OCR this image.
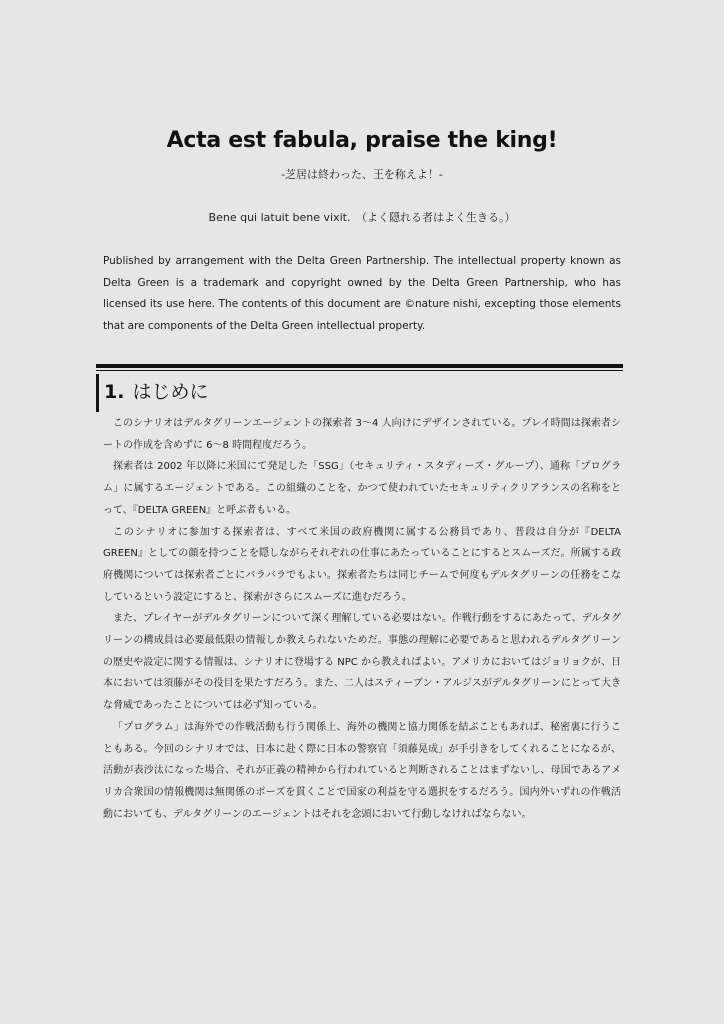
Acta est fabula, praise the king!
-芝居は終わった、王を称えよ！-
Bene qui latuit bene vixit.　（よく隠れる者はよく生きる。）
Published by arrangement with the Delta Green Partnership. The intellectual property known as Delta Green is a trademark and copyright owned by the Delta Green Partnership, who has licensed its use here. The contents of this document are ©nature nishi, excepting those elements that are components of the Delta Green intellectual property.
1. はじめに

このシナリオはデルタグリーンエージェントの探索者 3〜4 人向けにデザインされている。プレイ時間は探索者シートの作成を含めずに 6〜8 時間程度だろう。

探索者は 2002 年以降に米国にて発足した「SSG」（セキュリティ・スタディーズ・グループ）、通称「プログラム」に属するエージェントである。この組織のことを、かつて使われていたセキュリティクリアランスの名称をとって、『DELTA GREEN』と呼ぶ者もいる。

このシナリオに参加する探索者は、すべて米国の政府機関に属する公務員であり、普段は自分が『DELTA GREEN』としての顔を持つことを隠しながらそれぞれの仕事にあたっていることにするとスムーズだ。所属する政府機関については探索者ごとにバラバラでもよい。探索者たちは同じチームで何度もデルタグリーンの任務をこなしているという設定にすると、探索がさらにスムーズに進むだろう。

また、プレイヤーがデルタグリーンについて深く理解している必要はない。作戦行動をするにあたって、デルタグリーンの構成員は必要最低限の情報しか教えられないためだ。事態の理解に必要であると思われるデルタグリーンの歴史や設定に関する情報は、シナリオに登場する NPC から教えればよい。アメリカにおいてはジョリョクが、日本においては須藤がその役目を果たすだろう。また、二人はスティーブン・アルジスがデルタグリーンにとって大きな脅威であったことについては必ず知っている。

「プログラム」は海外での作戦活動も行う関係上、海外の機関と協力関係を結ぶこともあれば、秘密裏に行うこともある。今回のシナリオでは、日本に赴く際に日本の警察官「須藤晃成」が手引きをしてくれることになるが、活動が表沙汰になった場合、それが正義の精神から行われていると判断されることはまずないし、母国であるアメリカ合衆国の情報機関は無関係のポーズを貫くことで国家の利益を守る選択をするだろう。国内外いずれの作戦活動においても、デルタグリーンのエージェントはそれを念頭において行動しなければならない。
